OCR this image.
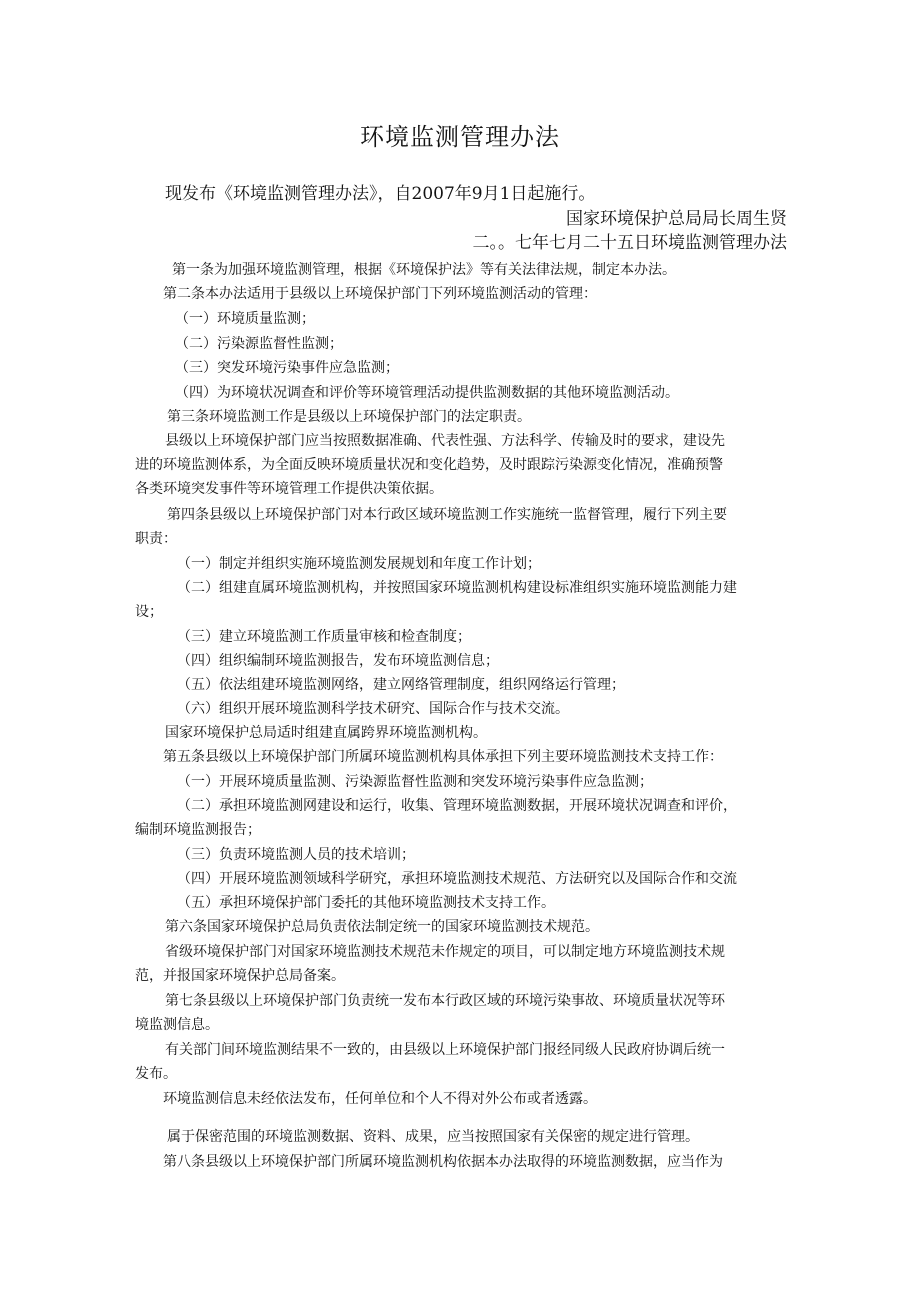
环境监测管理办法
现发布《环境监测管理办法》，自2007年9月1日起施行。
国家环境保护总局局长周生贤
二。。七年七月二十五日环境监测管理办法
第一条为加强环境监测管理，根据《环境保护法》等有关法律法规，制定本办法。
第二条本办法适用于县级以上环境保护部门下列环境监测活动的管理：
（一）环境质量监测；
（二）污染源监督性监测；
（三）突发环境污染事件应急监测；
（四）为环境状况调查和评价等环境管理活动提供监测数据的其他环境监测活动。
第三条环境监测工作是县级以上环境保护部门的法定职责。
县级以上环境保护部门应当按照数据准确、代表性强、方法科学、传输及时的要求，建设先
进的环境监测体系，为全面反映环境质量状况和变化趋势，及时跟踪污染源变化情况，准确预警
各类环境突发事件等环境管理工作提供决策依据。
第四条县级以上环境保护部门对本行政区域环境监测工作实施统一监督管理，履行下列主要
职责：
（一）制定并组织实施环境监测发展规划和年度工作计划；
（二）组建直属环境监测机构，并按照国家环境监测机构建设标准组织实施环境监测能力建
设；
（三）建立环境监测工作质量审核和检查制度；
（四）组织编制环境监测报告，发布环境监测信息；
（五）依法组建环境监测网络，建立网络管理制度，组织网络运行管理；
（六）组织开展环境监测科学技术研究、国际合作与技术交流。
国家环境保护总局适时组建直属跨界环境监测机构。
第五条县级以上环境保护部门所属环境监测机构具体承担下列主要环境监测技术支持工作：
（一）开展环境质量监测、污染源监督性监测和突发环境污染事件应急监测；
（二）承担环境监测网建设和运行，收集、管理环境监测数据，开展环境状况调查和评价，
编制环境监测报告；
（三）负责环境监测人员的技术培训；
（四）开展环境监测领域科学研究，承担环境监测技术规范、方法研究以及国际合作和交流
（五）承担环境保护部门委托的其他环境监测技术支持工作。
第六条国家环境保护总局负责依法制定统一的国家环境监测技术规范。
省级环境保护部门对国家环境监测技术规范未作规定的项目，可以制定地方环境监测技术规
范，并报国家环境保护总局备案。
第七条县级以上环境保护部门负责统一发布本行政区域的环境污染事故、环境质量状况等环
境监测信息。
有关部门间环境监测结果不一致的，由县级以上环境保护部门报经同级人民政府协调后统一
发布。
环境监测信息未经依法发布，任何单位和个人不得对外公布或者透露。
属于保密范围的环境监测数据、资料、成果，应当按照国家有关保密的规定进行管理。
第八条县级以上环境保护部门所属环境监测机构依据本办法取得的环境监测数据，应当作为
